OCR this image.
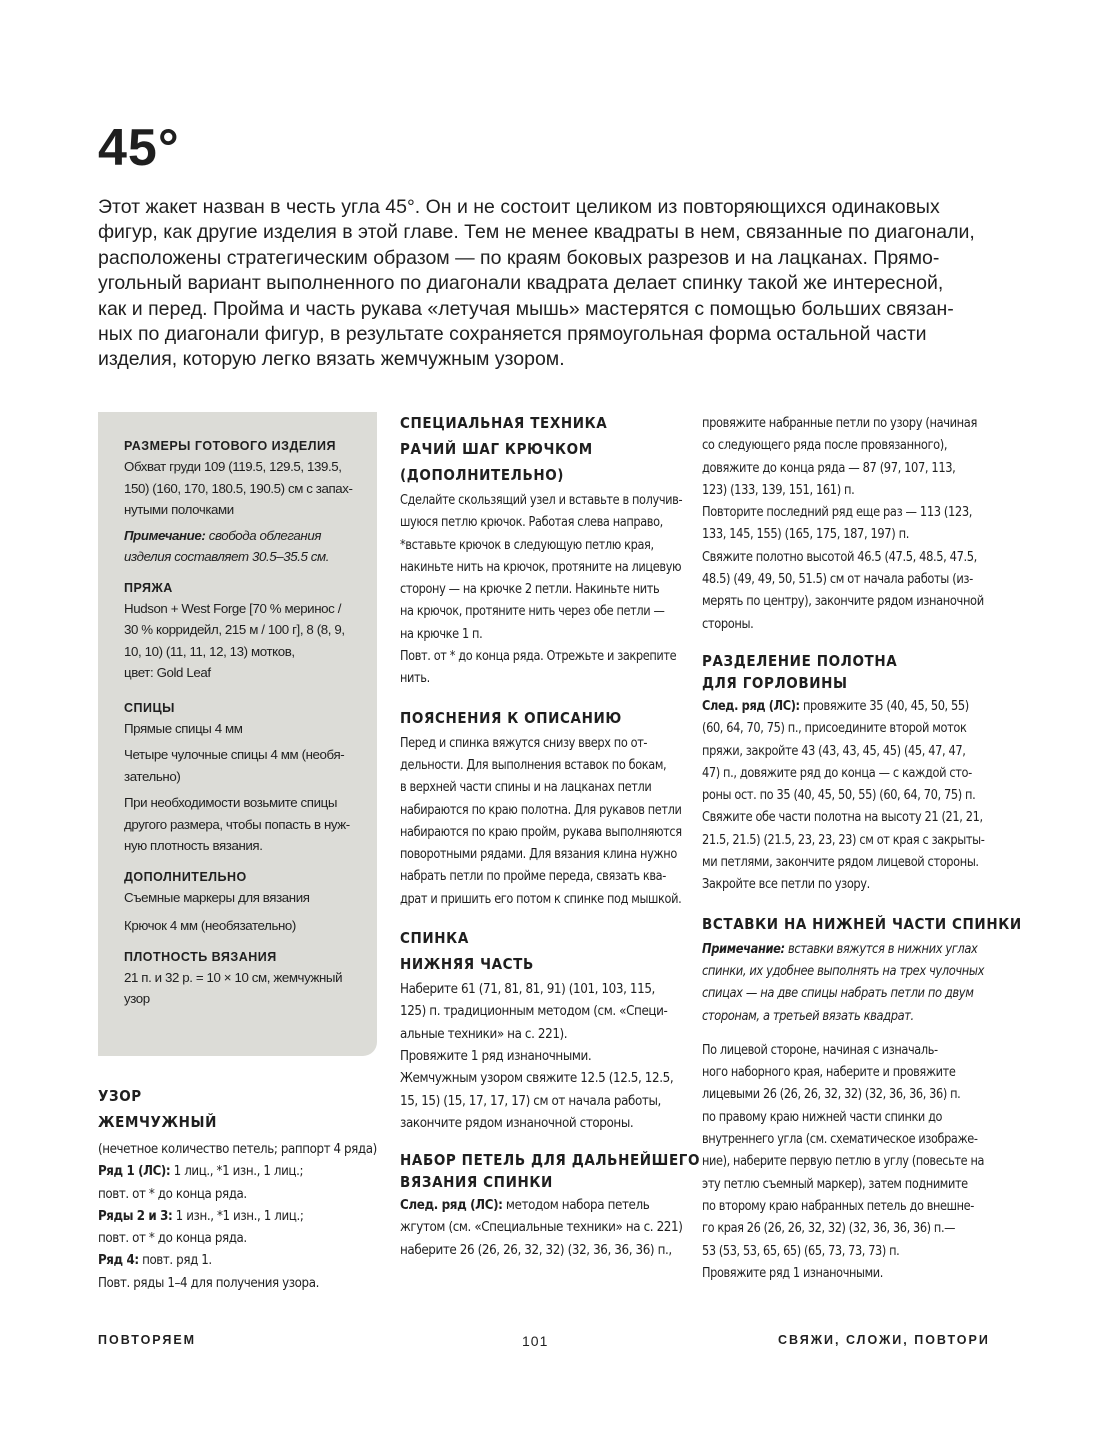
45°

Этот жакет назван в честь угла 45°. Он и не состоит целиком из повторяющихся одинаковых
фигур, как другие изделия в этой главе. Тем не менее квадраты в нем, связанные по диагонали,
расположены стратегическим образом — по краям боковых разрезов и на лацканах. Прямо-
угольный вариант выполненного по диагонали квадрата делает спинку такой же интересной,
как и перед. Пройма и часть рукава «летучая мышь» мастерятся с помощью больших связан-
ных по диагонали фигур, в результате сохраняется прямоугольная форма остальной части
изделия, которую легко вязать жемчужным узором.

РАЗМЕРЫ ГОТОВОГО ИЗДЕЛИЯ
Обхват груди 109 (119.5, 129.5, 139.5,
150) (160, 170, 180.5, 190.5) см с запах-
нутыми полочками
Примечание: свобода облегания
изделия составляет 30.5–35.5 см.
ПРЯЖА
Hudson + West Forge [70 % меринос /
30 % корридейл, 215 м / 100 г], 8 (8, 9,
10, 10) (11, 11, 12, 13) мотков,
цвет: Gold Leaf
СПИЦЫ
Прямые спицы 4 мм
Четыре чулочные спицы 4 мм (необя-
зательно)
При необходимости возьмите спицы
другого размера, чтобы попасть в нуж-
ную плотность вязания.
ДОПОЛНИТЕЛЬНО
Съемные маркеры для вязания
Крючок 4 мм (необязательно)
ПЛОТНОСТЬ ВЯЗАНИЯ
21 п. и 32 р. = 10 × 10 см, жемчужный
узор
УЗОР
ЖЕМЧУЖНЫЙ
(нечетное количество петель; раппорт 4 ряда)
Ряд 1 (ЛС): 1 лиц., *1 изн., 1 лиц.;
повт. от * до конца ряда.
Ряды 2 и 3: 1 изн., *1 изн., 1 лиц.;
повт. от * до конца ряда.
Ряд 4: повт. ряд 1.
Повт. ряды 1–4 для получения узора.
СПЕЦИАЛЬНАЯ ТЕХНИКА
РАЧИЙ ШАГ КРЮЧКОМ
(ДОПОЛНИТЕЛЬНО)
Сделайте скользящий узел и вставьте в получив-
шуюся петлю крючок. Работая слева направо,
*вставьте крючок в следующую петлю края,
накиньте нить на крючок, протяните на лицевую
сторону — на крючке 2 петли. Накиньте нить
на крючок, протяните нить через обе петли —
на крючке 1 п.
Повт. от * до конца ряда. Отрежьте и закрепите
нить.
ПОЯСНЕНИЯ К ОПИСАНИЮ
Перед и спинка вяжутся снизу вверх по от-
дельности. Для выполнения вставок по бокам,
в верхней части спины и на лацканах петли
набираются по краю полотна. Для рукавов петли
набираются по краю пройм, рукава выполняются
поворотными рядами. Для вязания клина нужно
набрать петли по пройме переда, связать ква-
драт и пришить его потом к спинке под мышкой.
СПИНКА
НИЖНЯЯ ЧАСТЬ
Наберите 61 (71, 81, 81, 91) (101, 103, 115,
125) п. традиционным методом (см. «Специ-
альные техники» на с. 221).
Провяжите 1 ряд изнаночными.
Жемчужным узором свяжите 12.5 (12.5, 12.5,
15, 15) (15, 17, 17, 17) см от начала работы,
закончите рядом изнаночной стороны.
НАБОР ПЕТЕЛЬ ДЛЯ ДАЛЬНЕЙШЕГО
ВЯЗАНИЯ СПИНКИ
След. ряд (ЛС): методом набора петель
жгутом (см. «Специальные техники» на с. 221)
наберите 26 (26, 26, 32, 32) (32, 36, 36, 36) п.,
провяжите набранные петли по узору (начиная
со следующего ряда после провязанного),
довяжите до конца ряда — 87 (97, 107, 113,
123) (133, 139, 151, 161) п.
Повторите последний ряд еще раз — 113 (123,
133, 145, 155) (165, 175, 187, 197) п.
Свяжите полотно высотой 46.5 (47.5, 48.5, 47.5,
48.5) (49, 49, 50, 51.5) см от начала работы (из-
мерять по центру), закончите рядом изнаночной
стороны.
РАЗДЕЛЕНИЕ ПОЛОТНА
ДЛЯ ГОРЛОВИНЫ
След. ряд (ЛС): провяжите 35 (40, 45, 50, 55)
(60, 64, 70, 75) п., присоедините второй моток
пряжи, закройте 43 (43, 43, 45, 45) (45, 47, 47,
47) п., довяжите ряд до конца — с каждой сто-
роны ост. по 35 (40, 45, 50, 55) (60, 64, 70, 75) п.
Свяжите обе части полотна на высоту 21 (21, 21,
21.5, 21.5) (21.5, 23, 23, 23) см от края с закрыты-
ми петлями, закончите рядом лицевой стороны.
Закройте все петли по узору.
ВСТАВКИ НА НИЖНЕЙ ЧАСТИ СПИНКИ
Примечание: вставки вяжутся в нижних углах
спинки, их удобнее выполнять на трех чулочных
спицах — на две спицы набрать петли по двум
сторонам, а третьей вязать квадрат.
По лицевой стороне, начиная с изначаль-
ного наборного края, наберите и провяжите
лицевыми 26 (26, 26, 32, 32) (32, 36, 36, 36) п.
по правому краю нижней части спинки до
внутреннего угла (см. схематическое изображе-
ние), наберите первую петлю в углу (повесьте на
эту петлю съемный маркер), затем поднимите
по второму краю набранных петель до внешне-
го края 26 (26, 26, 32, 32) (32, 36, 36, 36) п.—
53 (53, 53, 65, 65) (65, 73, 73, 73) п.
Провяжите ряд 1 изнаночными.
ПОВТОРЯЕМ	101	СВЯЖИ, СЛОЖИ, ПОВТОРИ
